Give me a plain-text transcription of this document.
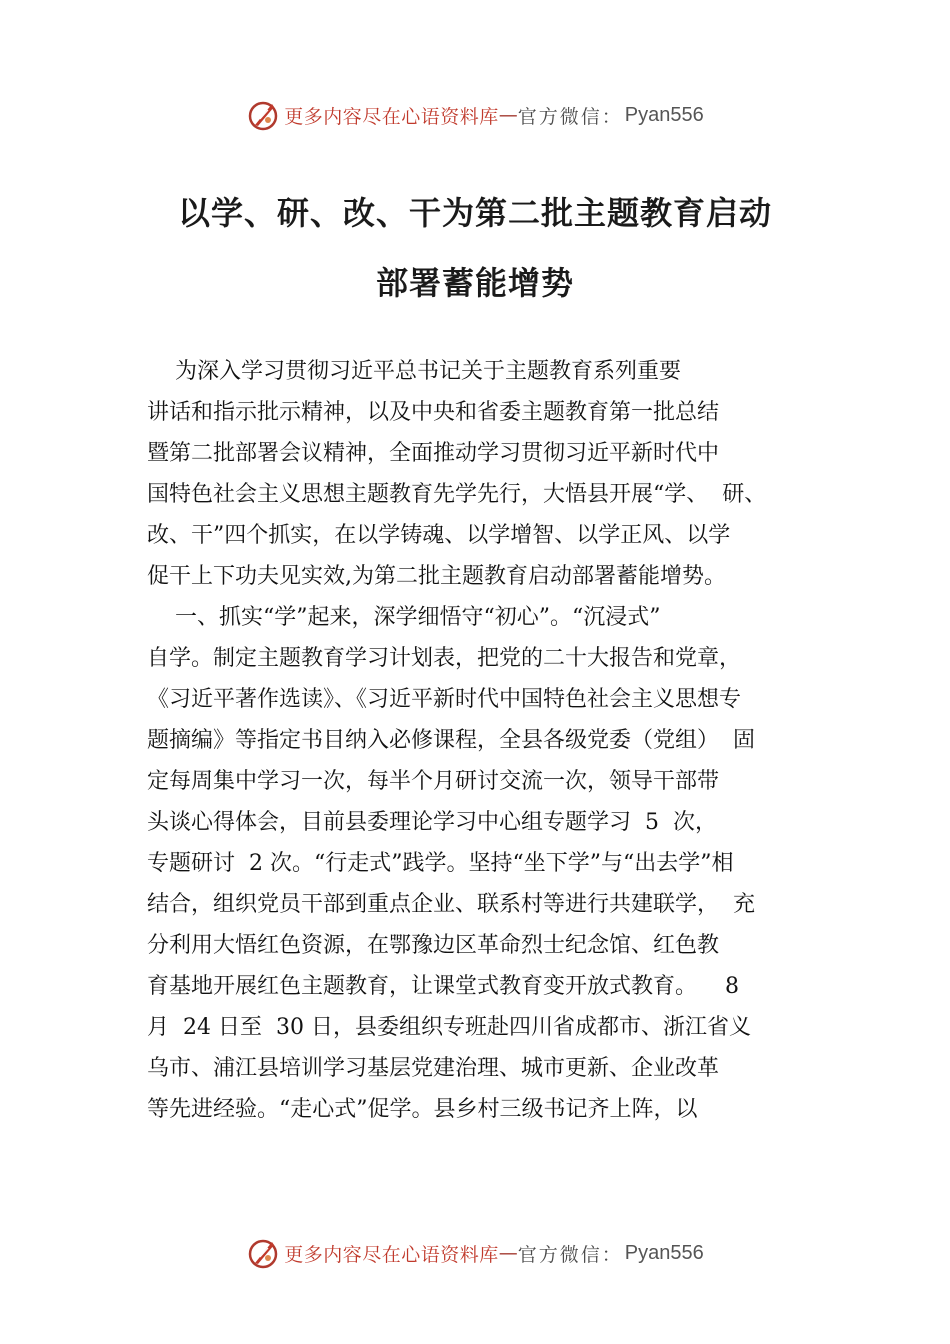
更多内容尽在心语资料库 — 官方微信： Pyan556
以学、研、改、干为第二批主题教育启动
部署蓄能增势
为深入学习贯彻习近平总书记关于主题教育系列重要
讲话和指示批示精神，以及中央和省委主题教育第一批总结
暨第二批部署会议精神，全面推动学习贯彻习近平新时代中
国特色社会主义思想主题教育先学先行，大悟县开展“学、  研、
改、干”四个抓实，在以学铸魂、以学增智、以学正风、以学
促干上下功夫见实效,为第二批主题教育启动部署蓄能增势。
一、抓实“学”起来，深学细悟守“初心”。“沉浸式”
自学。制定主题教育学习计划表，把党的二十大报告和党章，
《习近平著作选读》、《习近平新时代中国特色社会主义思想专
题摘编》等指定书目纳入必修课程，全县各级党委（党组）  固
定每周集中学习一次，每半个月研讨交流一次，领导干部带
头谈心得体会，目前县委理论学习中心组专题学习  5  次，
专题研讨  2 次。“行走式”践学。坚持“坐下学”与“出去学”相
结合，组织党员干部到重点企业、联系村等进行共建联学，  充
分利用大悟红色资源，在鄂豫边区革命烈士纪念馆、红色教
育基地开展红色主题教育，让课堂式教育变开放式教育。    8
月  24 日至  30 日，县委组织专班赴四川省成都市、浙江省义
乌市、浦江县培训学习基层党建治理、城市更新、企业改革
等先进经验。“走心式”促学。县乡村三级书记齐上阵，以
更多内容尽在心语资料库 — 官方微信： Pyan556
